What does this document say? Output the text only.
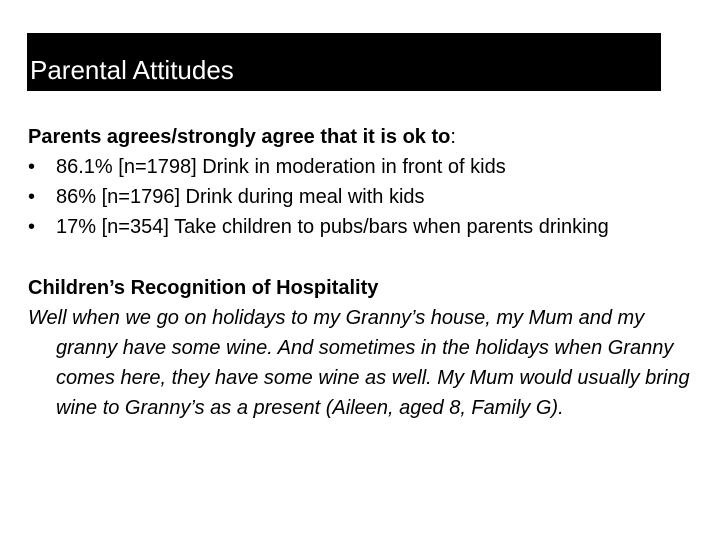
Parental Attitudes
Parents agrees/strongly agree that it is ok to:
• 86.1% [n=1798] Drink in moderation in front of kids
• 86% [n=1796] Drink during meal with kids
• 17% [n=354] Take children to pubs/bars when parents drinking
Children’s Recognition of Hospitality
Well when we go on holidays to my Granny’s house, my Mum and my granny have some wine. And sometimes in the holidays when Granny comes here, they have some wine as well. My Mum would usually bring wine to Granny’s as a present (Aileen, aged 8, Family G).
